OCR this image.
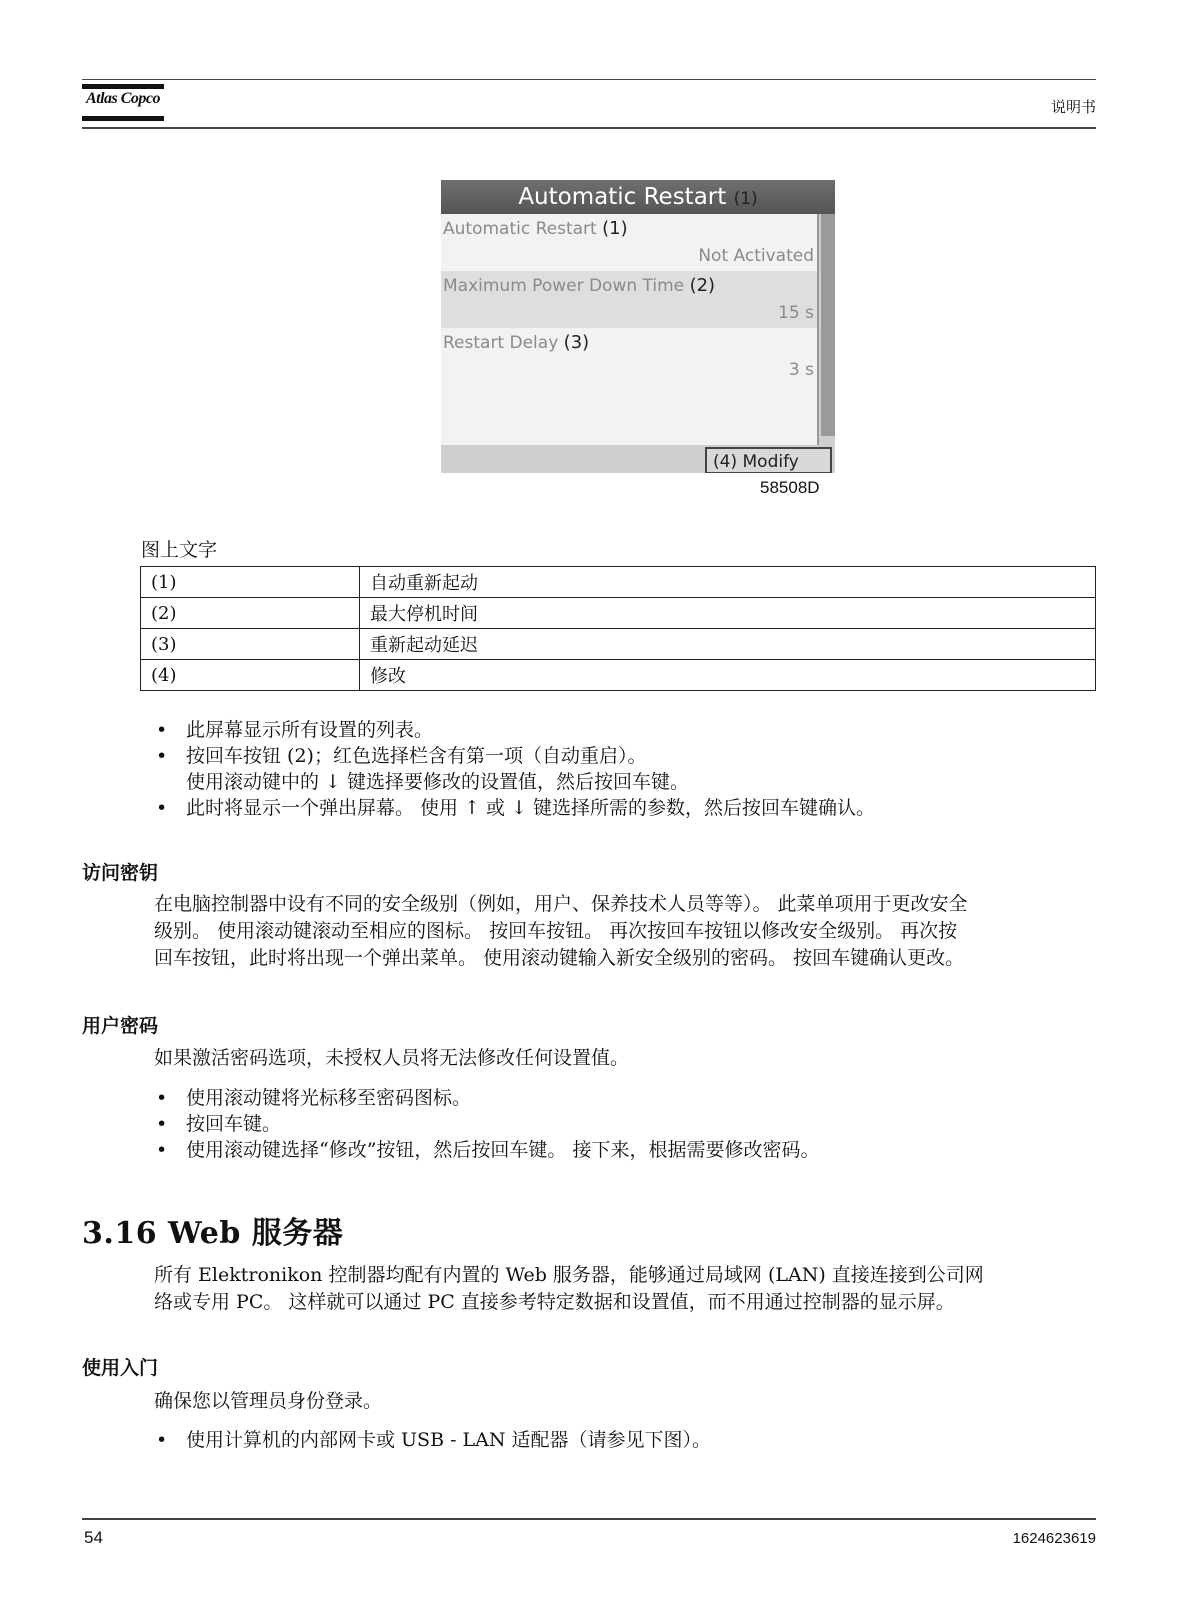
Atlas Copco	说明书
Automatic Restart (1)
Automatic Restart (1)
Not Activated
Maximum Power Down Time (2)
15 s
Restart Delay (3)
3 s
(4) Modify
58508D
图上文字
(1)	自动重新起动
(2)	最大停机时间
(3)	重新起动延迟
(4)	修改
• 此屏幕显示所有设置的列表。
• 按回车按钮 (2)；红色选择栏含有第一项（自动重启）。
使用滚动键中的 ↓ 键选择要修改的设置值，然后按回车键。
• 此时将显示一个弹出屏幕。 使用 ↑ 或 ↓ 键选择所需的参数，然后按回车键确认。
访问密钥
在电脑控制器中设有不同的安全级别（例如，用户、保养技术人员等等）。 此菜单项用于更改安全
级别。 使用滚动键滚动至相应的图标。 按回车按钮。 再次按回车按钮以修改安全级别。 再次按
回车按钮，此时将出现一个弹出菜单。 使用滚动键输入新安全级别的密码。 按回车键确认更改。
用户密码
如果激活密码选项，未授权人员将无法修改任何设置值。
• 使用滚动键将光标移至密码图标。
• 按回车键。
• 使用滚动键选择“修改”按钮，然后按回车键。 接下来，根据需要修改密码。
3.16 Web 服务器
所有 Elektronikon 控制器均配有内置的 Web 服务器，能够通过局域网 (LAN) 直接连接到公司网
络或专用 PC。 这样就可以通过 PC 直接参考特定数据和设置值，而不用通过控制器的显示屏。
使用入门
确保您以管理员身份登录。
• 使用计算机的内部网卡或 USB - LAN 适配器（请参见下图）。
54	1624623619
